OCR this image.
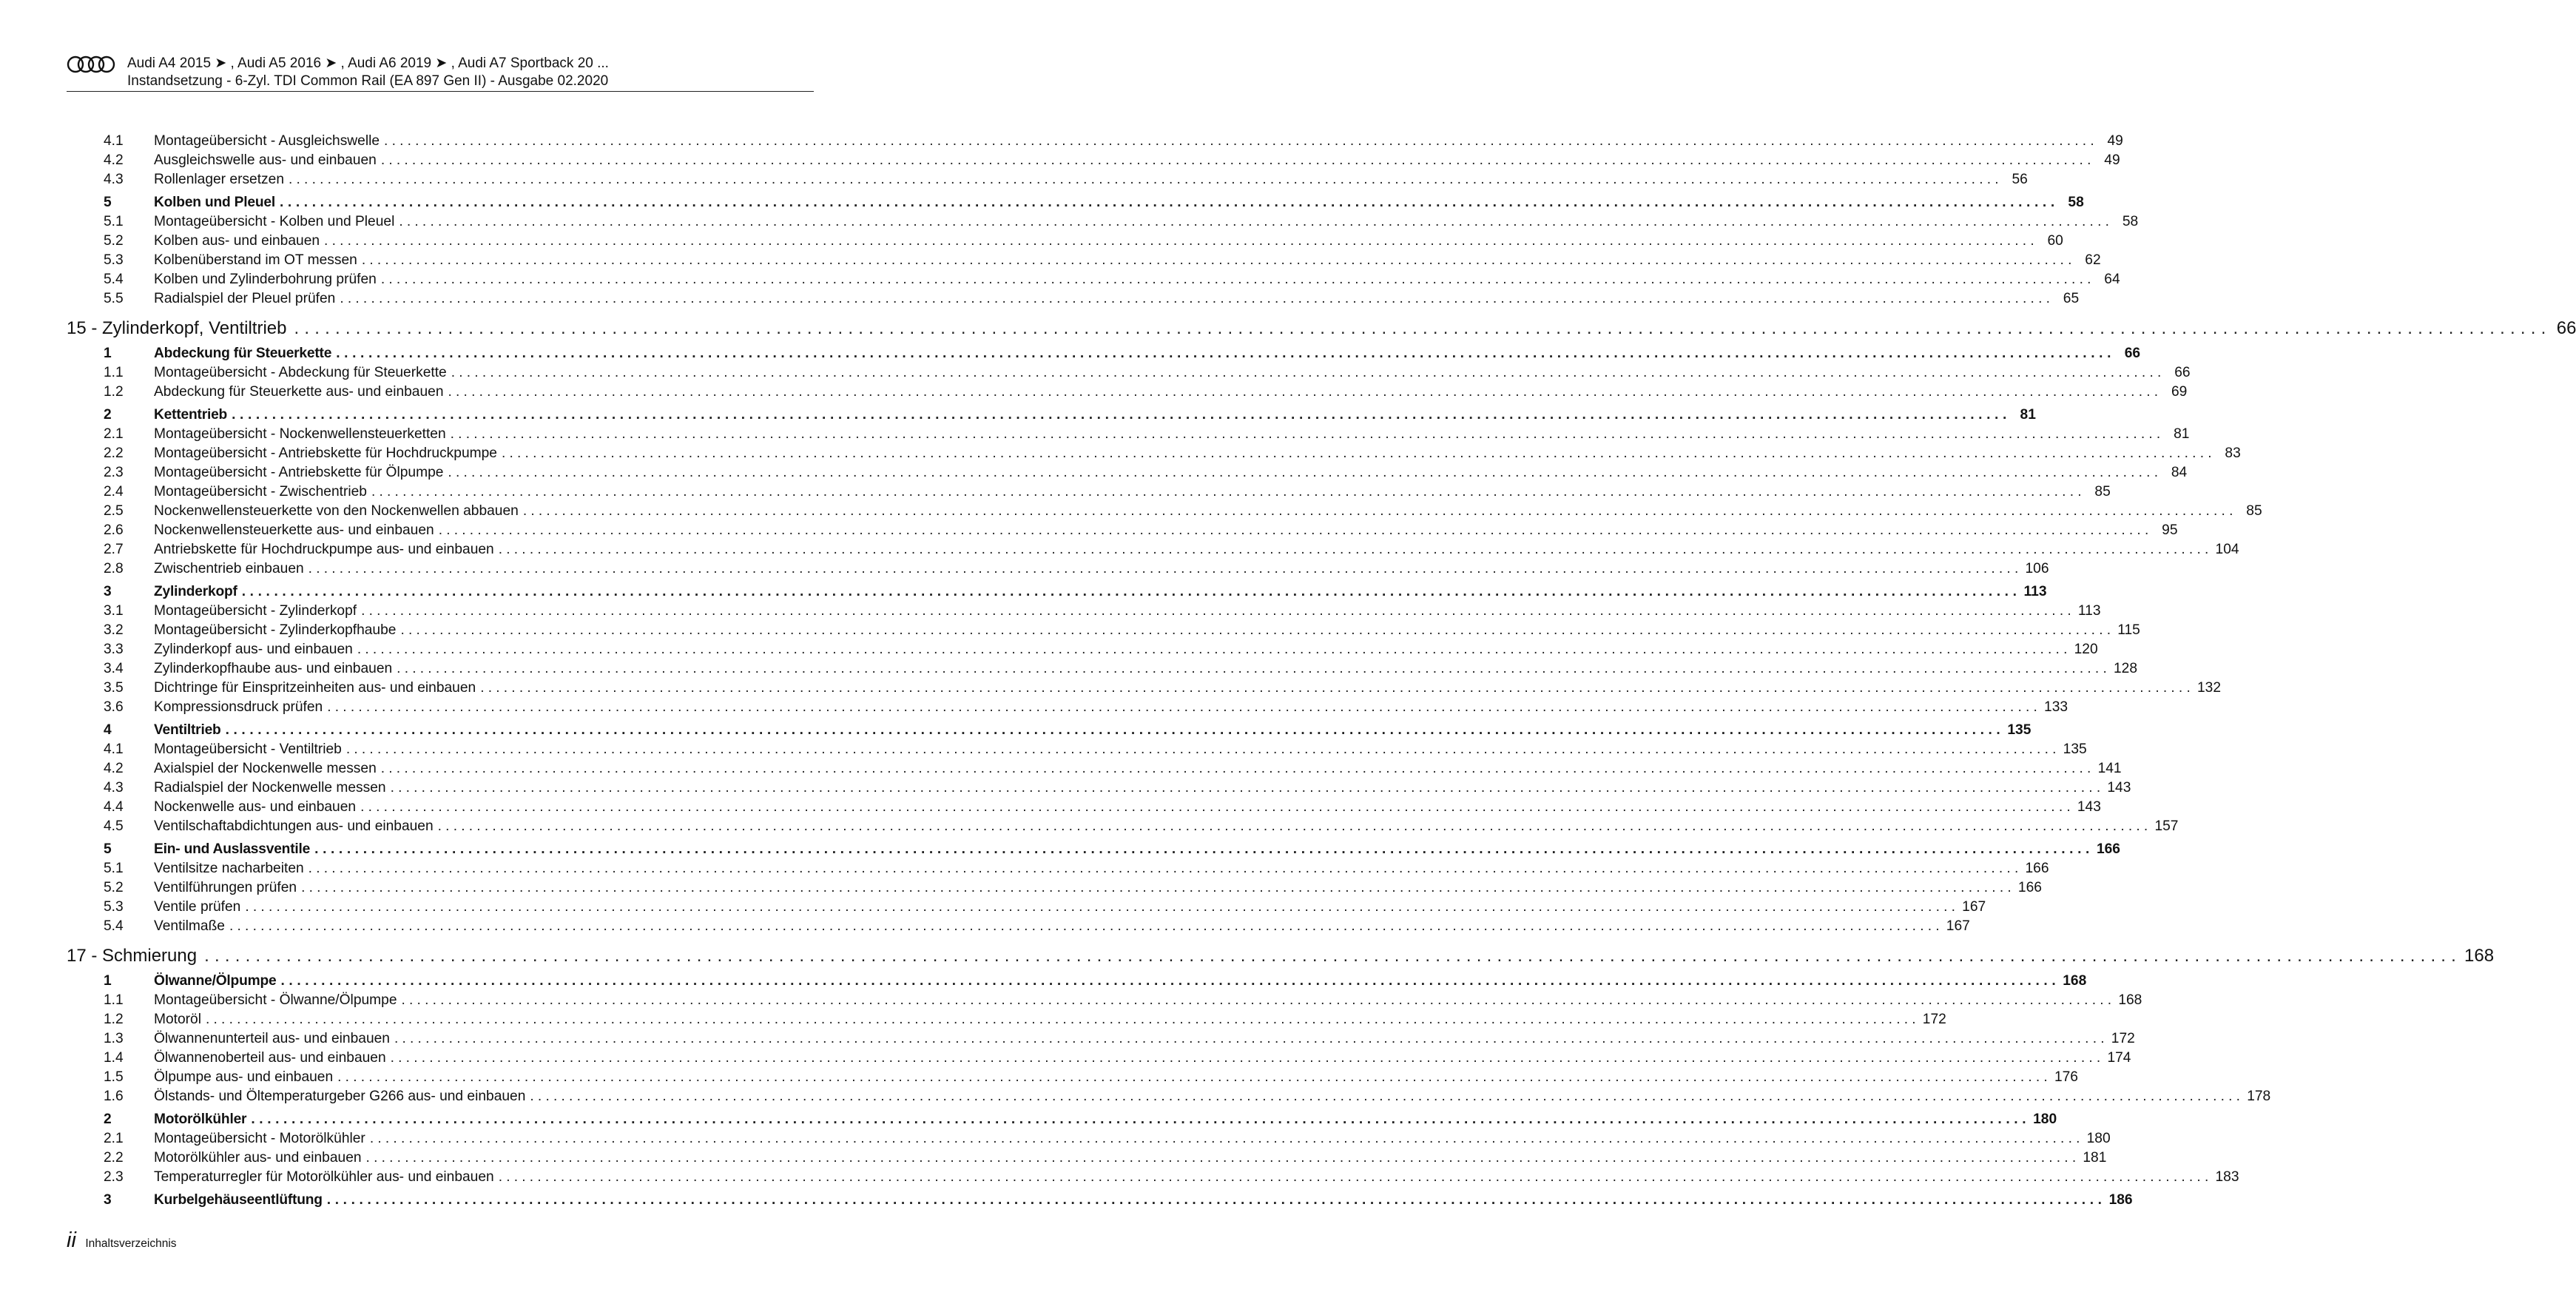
Audi A4 2015 ➤ , Audi A5 2016 ➤ , Audi A6 2019 ➤ , Audi A7 Sportback 20 ...
Instandsetzung - 6-Zyl. TDI Common Rail (EA 897 Gen II) - Ausgabe 02.2020
4.1 Montageübersicht - Ausgleichswelle ............................................................................................................................................................................................................................ 49
4.2 Ausgleichswelle aus- und einbauen ............................................................................................................................................................................................................................ 49
4.3 Rollenlager ersetzen ............................................................................................................................................................................................................................ 56
5	Kolben und Pleuel ............................................................................................................................................................................................................................ 58
5.1 Montageübersicht - Kolben und Pleuel ............................................................................................................................................................................................................................ 58
5.2 Kolben aus- und einbauen ............................................................................................................................................................................................................................ 60
5.3 Kolbenüberstand im OT messen ............................................................................................................................................................................................................................ 62
5.4 Kolben und Zylinderbohrung prüfen ............................................................................................................................................................................................................................ 64
5.5 Radialspiel der Pleuel prüfen ............................................................................................................................................................................................................................ 65
15 - Zylinderkopf, Ventiltrieb ............................................................................................................................................................................................................................ 66
1	Abdeckung für Steuerkette ............................................................................................................................................................................................................................ 66
1.1 Montageübersicht - Abdeckung für Steuerkette ............................................................................................................................................................................................................................ 66
1.2 Abdeckung für Steuerkette aus- und einbauen ............................................................................................................................................................................................................................ 69
2	Kettentrieb ............................................................................................................................................................................................................................ 81
2.1 Montageübersicht - Nockenwellensteuerketten ............................................................................................................................................................................................................................ 81
2.2 Montageübersicht - Antriebskette für Hochdruckpumpe ............................................................................................................................................................................................................................ 83
2.3 Montageübersicht - Antriebskette für Ölpumpe ............................................................................................................................................................................................................................ 84
2.4 Montageübersicht - Zwischentrieb ............................................................................................................................................................................................................................ 85
2.5 Nockenwellensteuerkette von den Nockenwellen abbauen ............................................................................................................................................................................................................................ 85
2.6 Nockenwellensteuerkette aus- und einbauen ............................................................................................................................................................................................................................ 95
2.7 Antriebskette für Hochdruckpumpe aus- und einbauen ............................................................................................................................................................................................................................ 104
2.8 Zwischentrieb einbauen ............................................................................................................................................................................................................................ 106
3	Zylinderkopf ............................................................................................................................................................................................................................ 113
3.1 Montageübersicht - Zylinderkopf ............................................................................................................................................................................................................................ 113
3.2 Montageübersicht - Zylinderkopfhaube ............................................................................................................................................................................................................................ 115
3.3 Zylinderkopf aus- und einbauen ............................................................................................................................................................................................................................ 120
3.4 Zylinderkopfhaube aus- und einbauen ............................................................................................................................................................................................................................ 128
3.5 Dichtringe für Einspritzeinheiten aus- und einbauen ............................................................................................................................................................................................................................ 132
3.6 Kompressionsdruck prüfen ............................................................................................................................................................................................................................ 133
4	Ventiltrieb ............................................................................................................................................................................................................................ 135
4.1 Montageübersicht - Ventiltrieb ............................................................................................................................................................................................................................ 135
4.2 Axialspiel der Nockenwelle messen ............................................................................................................................................................................................................................ 141
4.3 Radialspiel der Nockenwelle messen ............................................................................................................................................................................................................................ 143
4.4 Nockenwelle aus- und einbauen ............................................................................................................................................................................................................................ 143
4.5 Ventilschaftabdichtungen aus- und einbauen ............................................................................................................................................................................................................................ 157
5	Ein- und Auslassventile ............................................................................................................................................................................................................................ 166
5.1 Ventilsitze nacharbeiten ............................................................................................................................................................................................................................ 166
5.2 Ventilführungen prüfen ............................................................................................................................................................................................................................ 166
5.3 Ventile prüfen ............................................................................................................................................................................................................................ 167
5.4 Ventilmaße ............................................................................................................................................................................................................................ 167
17 - Schmierung ............................................................................................................................................................................................................................ 168
1	Ölwanne/Ölpumpe ............................................................................................................................................................................................................................ 168
1.1 Montageübersicht - Ölwanne/Ölpumpe ............................................................................................................................................................................................................................ 168
1.2 Motoröl ............................................................................................................................................................................................................................ 172
1.3 Ölwannenunterteil aus- und einbauen ............................................................................................................................................................................................................................ 172
1.4 Ölwannenoberteil aus- und einbauen ............................................................................................................................................................................................................................ 174
1.5 Ölpumpe aus- und einbauen ............................................................................................................................................................................................................................ 176
1.6 Ölstands- und Öltemperaturgeber G266 aus- und einbauen ............................................................................................................................................................................................................................ 178
2	Motorölkühler ............................................................................................................................................................................................................................ 180
2.1 Montageübersicht - Motorölkühler ............................................................................................................................................................................................................................ 180
2.2 Motorölkühler aus- und einbauen ............................................................................................................................................................................................................................ 181
2.3 Temperaturregler für Motorölkühler aus- und einbauen ............................................................................................................................................................................................................................ 183
3	Kurbelgehäuseentlüftung ............................................................................................................................................................................................................................ 186
ii Inhaltsverzeichnis
